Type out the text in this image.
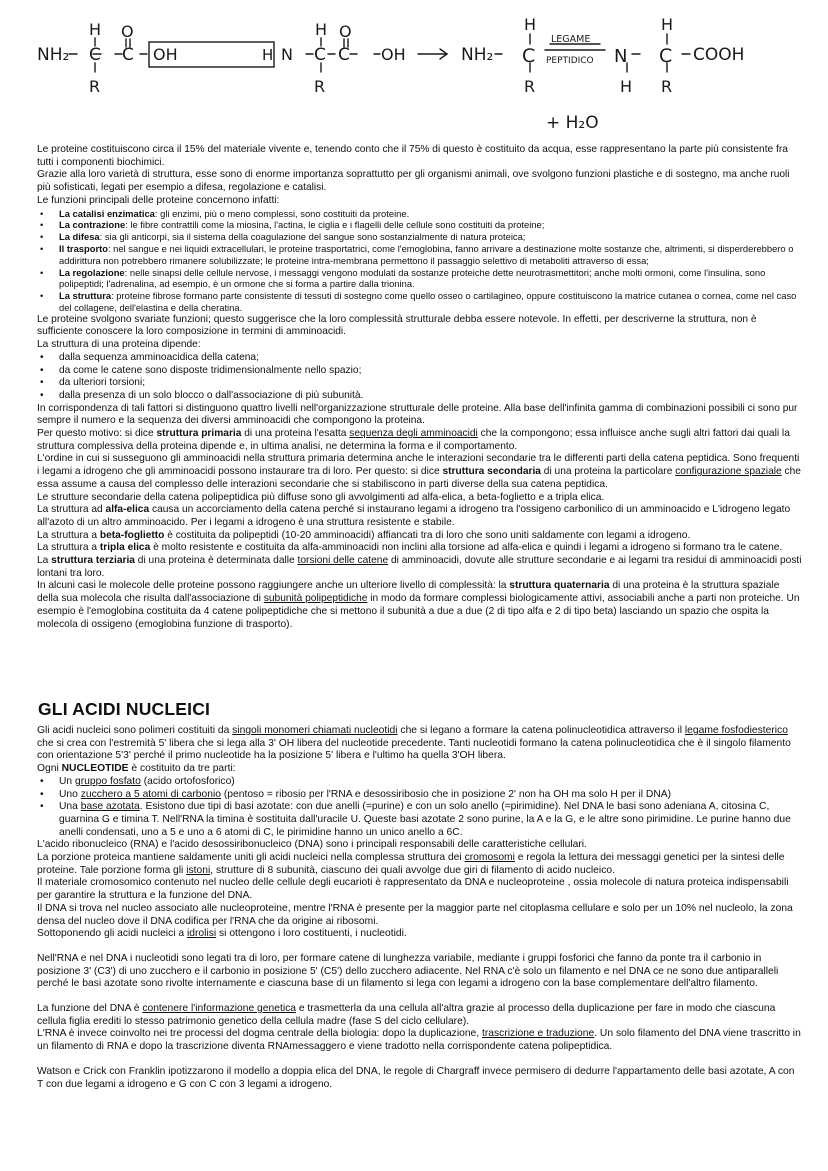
NH₂
H O
C C OH
R
H N
H O
C C OH
R
NH₂
H
C
R
LEGAME
PEPTIDICO N
H
H
C COOH
R
+ H₂O

Le proteine costituiscono circa il 15% del materiale vivente e, tenendo conto che il 75% di questo è costituito da acqua, esse rappresentano la parte più consistente fra tutti i componenti biochimici.

Grazie alla loro varietà di struttura, esse sono di enorme importanza soprattutto per gli organismi animali, ove svolgono funzioni plastiche e di sostegno, ma anche ruoli più sofisticati, legati per esempio a difesa, regolazione e catalisi.

Le funzioni principali delle proteine concernono infatti:

• La catalisi enzimatica: gli enzimi, più o meno complessi, sono costituiti da proteine.
• La contrazione: le fibre contrattili come la miosina, l'actina, le ciglia e i flagelli delle cellule sono costituiti da proteine;
• La difesa: sia gli anticorpi, sia il sistema della coagulazione del sangue sono sostanzialmente di natura proteica;
• Il trasporto: nel sangue e nei liquidi extracellulari, le proteine trasportatrici, come l'emoglobina, fanno arrivare a destinazione molte sostanze che, altrimenti, si disperderebbero o addirittura non potrebbero rimanere solubilizzate; le proteine intra-membrana permettono il passaggio selettivo di metaboliti attraverso di essa;
• La regolazione: nelle sinapsi delle cellule nervose, i messaggi vengono modulati da sostanze proteiche dette neurotrasmettitori; anche molti ormoni, come l'insulina, sono polipeptidi; l'adrenalina, ad esempio, è un ormone che si forma a partire dalla trionina.
• La struttura: proteine fibrose formano parte consistente di tessuti di sostegno come quello osseo o cartilagineo, oppure costituiscono la matrice cutanea o cornea, come nel caso del collagene, dell'elastina e della cheratina.

Le proteine svolgono svariate funzioni; questo suggerisce che la loro complessità strutturale debba essere notevole. In effetti, per descriverne la struttura, non è sufficiente conoscere la loro composizione in termini di amminoacidi.

La struttura di una proteina dipende:

• dalla sequenza amminoacidica della catena;
• da come le catene sono disposte tridimensionalmente nello spazio;
• da ulteriori torsioni;
• dalla presenza di un solo blocco o dall'associazione di più subunità.

In corrispondenza di tali fattori si distinguono quattro livelli nell'organizzazione strutturale delle proteine. Alla base dell'infinita gamma di combinazioni possibili ci sono pur sempre il numero e la sequenza dei diversi amminoacidi che compongono la proteina.

Per questo motivo: si dice struttura primaria di una proteina l'esatta sequenza degli amminoacidi che la compongono; essa influisce anche sugli altri fattori dai quali la struttura complessiva della proteina dipende e, in ultima analisi, ne determina la forma e il comportamento.

L'ordine in cui si susseguono gli amminoacidi nella struttura primaria determina anche le interazioni secondarie tra le differenti parti della catena peptidica. Sono frequenti i legami a idrogeno che gli amminoacidi possono instaurare tra di loro. Per questo: si dice struttura secondaria di una proteina la particolare configurazione spaziale che essa assume a causa del complesso delle interazioni secondarie che si stabiliscono in parti diverse della sua catena peptidica.

Le strutture secondarie della catena polipeptidica più diffuse sono gli avvolgimenti ad alfa-elica, a beta-foglietto e a tripla elica.

La struttura ad alfa-elica causa un accorciamento della catena perché si instaurano legami a idrogeno tra l'ossigeno carbonilico di un amminoacido e L'idrogeno legato all'azoto di un altro amminoacido. Per i legami a idrogeno è una struttura resistente e stabile.

La struttura a beta-foglietto è costituita da polipeptidi (10-20 amminoacidi) affiancati tra di loro che sono uniti saldamente con legami a idrogeno.

La struttura a tripla elica è molto resistente e costituita da alfa-amminoacidi non inclini alla torsione ad alfa-elica e quindi i legami a idrogeno si formano tra le catene.

La struttura terziaria di una proteina è determinata dalle torsioni delle catene di amminoacidi, dovute alle strutture secondarie e ai legami tra residui di amminoacidi posti lontani tra loro.

In alcuni casi le molecole delle proteine possono raggiungere anche un ulteriore livello di complessità: la struttura quaternaria di una proteina è la struttura spaziale della sua molecola che risulta dall'associazione di subunità polipeptidiche in modo da formare complessi biologicamente attivi, associabili anche a parti non proteiche. Un esempio è l'emoglobina costituita da 4 catene polipeptidiche che si mettono il subunità a due a due (2 di tipo alfa e 2 di tipo beta) lasciando un spazio che ospita la molecola di ossigeno (emoglobina funzione di trasporto).

GLI ACIDI NUCLEICI

Gli acidi nucleici sono polimeri costituiti da singoli monomeri chiamati nucleotidi che si legano a formare la catena polinucleotidica attraverso il legame fosfodiesterico che si crea con l'estremità 5' libera che si lega alla 3' OH libera del nucleotide precedente. Tanti nucleotidi formano la catena polinucleotidica che è il singolo filamento con orientazione 5'3' perché il primo nucleotide ha la posizione 5' libera e l'ultimo ha quella 3'OH libera.

Ogni NUCLEOTIDE è costituito da tre parti:

• Un gruppo fosfato (acido ortofosforico)
• Uno zucchero a 5 atomi di carbonio (pentoso = ribosio per l'RNA e desossiribosio che in posizione 2' non ha OH ma solo H per il DNA)
• Una base azotata. Esistono due tipi di basi azotate: con due anelli (=purine) e con un solo anello (=pirimidine). Nel DNA le basi sono adeniana A, citosina C, guarnina G e timina T. Nell'RNA la timina è sostituita dall'uracile U. Queste basi azotate 2 sono purine, la A e la G, e le altre sono pirimidine. Le purine hanno due anelli condensati, uno a 5 e uno a 6 atomi di C, le pirimidine hanno un unico anello a 6C.

L'acido ribonucleico (RNA) e l'acido desossiribonucleico (DNA) sono i principali responsabili delle caratteristiche cellulari.

La porzione proteica mantiene saldamente uniti gli acidi nucleici nella complessa struttura dei cromosomi e regola la lettura dei messaggi genetici per la sintesi delle proteine. Tale porzione forma gli istoni, strutture di 8 subunità, ciascuno dei quali avvolge due giri di filamento di acido nucleico.

Il materiale cromosomico contenuto nel nucleo delle cellule degli eucarioti è rappresentato da DNA e nucleoproteine , ossia molecole di natura proteica indispensabili per garantire la struttura e la funzione del DNA.

Il DNA si trova nel nucleo associato alle nucleoproteine, mentre l'RNA è presente per la maggior parte nel citoplasma cellulare e solo per un 10% nel nucleolo, la zona densa del nucleo dove il DNA codifica per l'RNA che da origine ai ribosomi.

Sottoponendo gli acidi nucleici a idrolisi si ottengono i loro costituenti, i nucleotidi.

Nell'RNA e nel DNA i nucleotidi sono legati tra di loro, per formare catene di lunghezza variabile, mediante i gruppi fosforici che fanno da ponte tra il carbonio in posizione 3' (C3') di uno zucchero e il carbonio in posizione 5' (C5') dello zucchero adiacente. Nel RNA c'è solo un filamento e nel DNA ce ne sono due antiparalleli perché le basi azotate sono rivolte internamente e ciascuna base di un filamento si lega con legami a idrogeno con la base complementare dell'altro filamento.

La funzione del DNA è contenere l'informazione genetica e trasmetterla da una cellula all'altra grazie al processo della duplicazione per fare in modo che ciascuna cellula figlia erediti lo stesso patrimonio genetico della cellula madre (fase S del ciclo cellulare).

L'RNA è invece coinvolto nei tre processi del dogma centrale della biologia: dopo la duplicazione, trascrizione e traduzione. Un solo filamento del DNA viene trascritto in un filamento di RNA e dopo la trascrizione diventa RNAmessaggero e viene tradotto nella corrispondente catena polipeptidica.

Watson e Crick con Franklin ipotizzarono il modello a doppia elica del DNA, le regole di Chargraff invece permisero di dedurre l'appartamento delle basi azotate, A con T con due legami a idrogeno e G con C con 3 legami a idrogeno.
